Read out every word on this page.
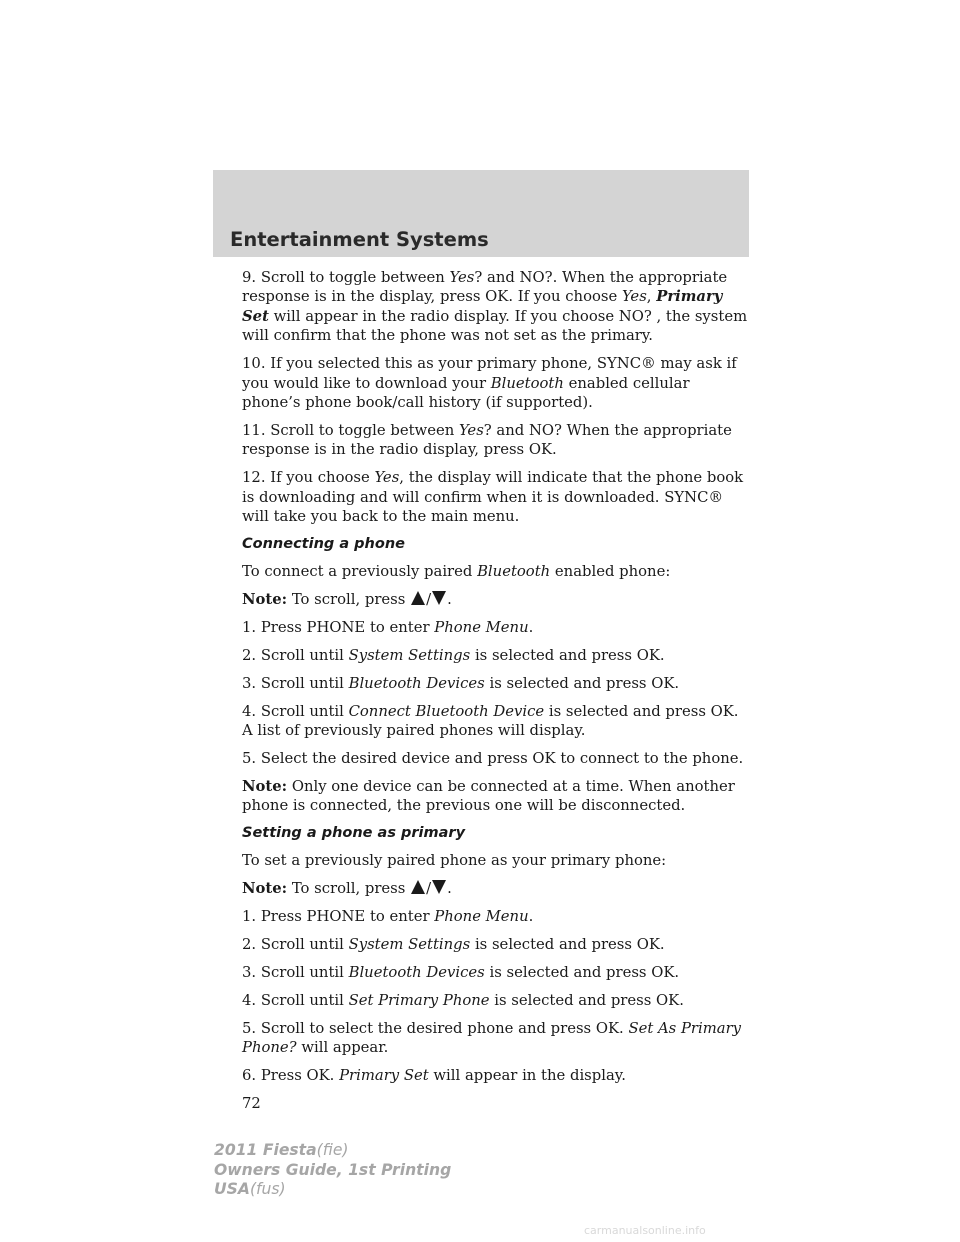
Entertainment Systems

9. Scroll to toggle between Yes? and NO?. When the appropriate response is in the display, press OK. If you choose Yes, Primary Set will appear in the radio display. If you choose NO? , the system will confirm that the phone was not set as the primary.

10. If you selected this as your primary phone, SYNC® may ask if you would like to download your Bluetooth enabled cellular phone’s phone book/call history (if supported).

11. Scroll to toggle between Yes? and NO? When the appropriate response is in the radio display, press OK.

12. If you choose Yes, the display will indicate that the phone book is downloading and will confirm when it is downloaded. SYNC® will take you back to the main menu.

Connecting a phone

To connect a previously paired Bluetooth enabled phone:

Note: To scroll, press / .

1. Press PHONE to enter Phone Menu.

2. Scroll until System Settings is selected and press OK.

3. Scroll until Bluetooth Devices is selected and press OK.

4. Scroll until Connect Bluetooth Device is selected and press OK. A list of previously paired phones will display.

5. Select the desired device and press OK to connect to the phone.

Note: Only one device can be connected at a time. When another phone is connected, the previous one will be disconnected.

Setting a phone as primary

To set a previously paired phone as your primary phone:

Note: To scroll, press / .

1. Press PHONE to enter Phone Menu.

2. Scroll until System Settings is selected and press OK.

3. Scroll until Bluetooth Devices is selected and press OK.

4. Scroll until Set Primary Phone is selected and press OK.

5. Scroll to select the desired phone and press OK. Set As Primary Phone? will appear.

6. Press OK. Primary Set will appear in the display.

72

2011 Fiesta(fie)
Owners Guide, 1st Printing
USA(fus)
carmanualsonline.info
